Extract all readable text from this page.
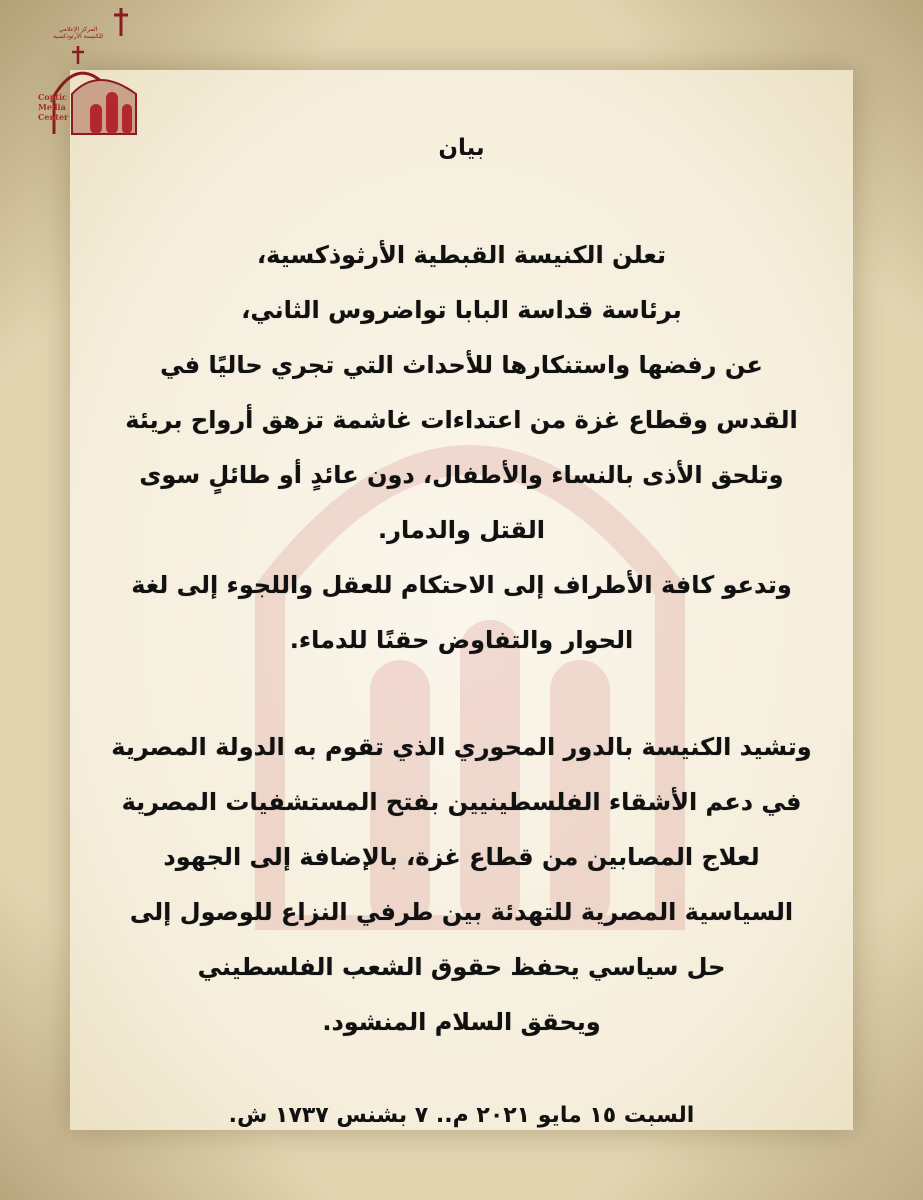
المركز الإعلامي
للكنيسة الأرثوذكسية
Coptic
Media
Center
بيان

تعلن الكنيسة القبطية الأرثوذكسية،

برئاسة قداسة البابا تواضروس الثاني،

عن رفضها واستنكارها للأحداث التي تجري حاليًا في

القدس وقطاع غزة من اعتداءات غاشمة تزهق أرواح بريئة

وتلحق الأذى بالنساء والأطفال، دون عائدٍ أو طائلٍ سوى

القتل والدمار.

وتدعو كافة الأطراف إلى الاحتكام للعقل واللجوء إلى لغة

الحوار والتفاوض حقنًا للدماء.

وتشيد الكنيسة بالدور المحوري الذي تقوم به الدولة المصرية

في دعم الأشقاء الفلسطينيين بفتح المستشفيات المصرية

لعلاج المصابين من قطاع غزة، بالإضافة إلى الجهود

السياسية المصرية للتهدئة بين طرفي النزاع للوصول إلى

حل سياسي يحفظ حقوق الشعب الفلسطيني

ويحقق السلام المنشود.

السبت ١٥ مايو ٢٠٢١ م.. ٧ بشنس ١٧٣٧ ش.
